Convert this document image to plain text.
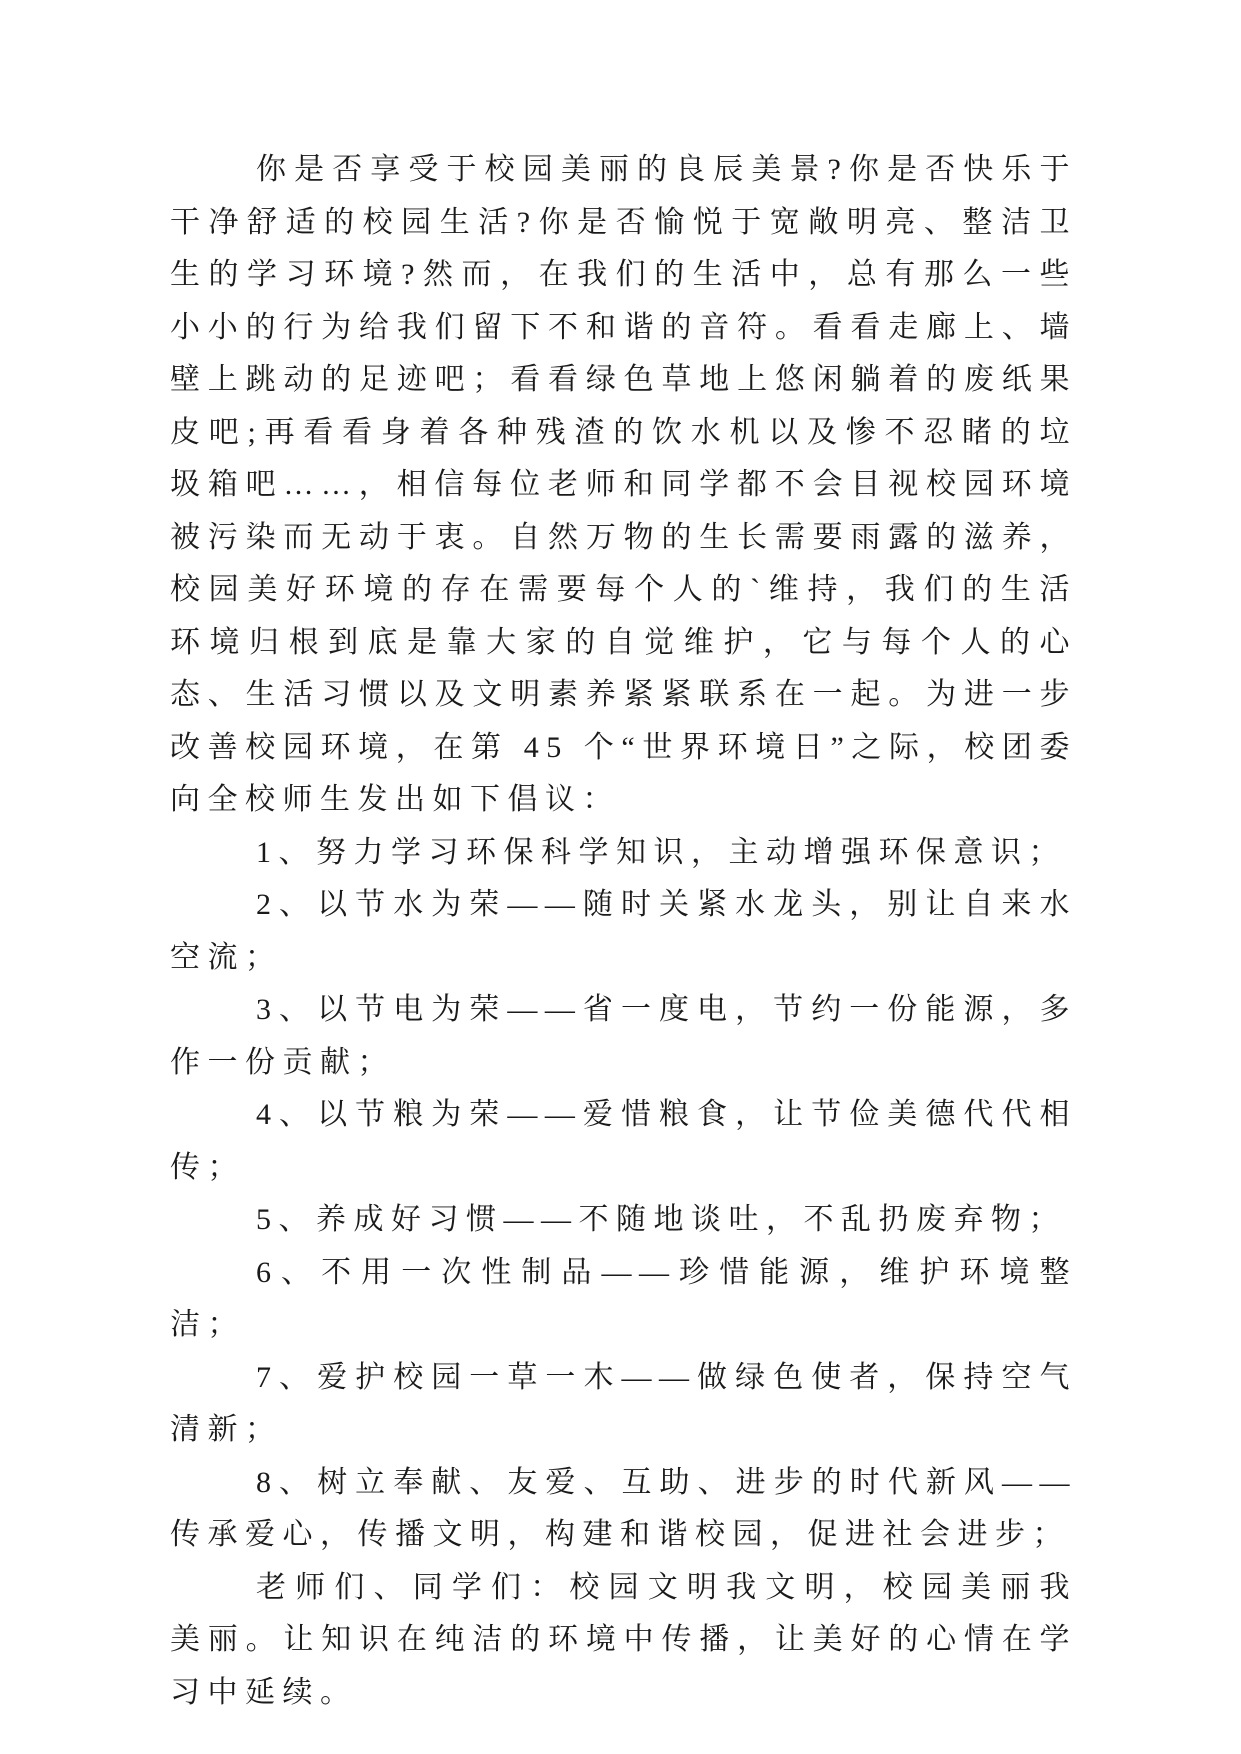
你是否享受于校园美丽的良辰美景?你是否快乐于干净舒适的校园生活?你是否愉悦于宽敞明亮、整洁卫生的学习环境?然而，在我们的生活中，总有那么一些小小的行为给我们留下不和谐的音符。看看走廊上、墙壁上跳动的足迹吧；看看绿色草地上悠闲躺着的废纸果皮吧;再看看身着各种残渣的饮水机以及惨不忍睹的垃圾箱吧……，相信每位老师和同学都不会目视校园环境被污染而无动于衷。自然万物的生长需要雨露的滋养，校园美好环境的存在需要每个人的`维持，我们的生活环境归根到底是靠大家的自觉维护，它与每个人的心态、生活习惯以及文明素养紧紧联系在一起。为进一步改善校园环境，在第 45 个“世界环境日”之际，校团委向全校师生发出如下倡议：

1、努力学习环保科学知识，主动增强环保意识；

2、以节水为荣——随时关紧水龙头，别让自来水空流；

3、以节电为荣——省一度电，节约一份能源，多作一份贡献；

4、以节粮为荣——爱惜粮食，让节俭美德代代相传；

5、养成好习惯——不随地谈吐，不乱扔废弃物；

6、不用一次性制品——珍惜能源，维护环境整洁；

7、爱护校园一草一木——做绿色使者，保持空气清新；

8、树立奉献、友爱、互助、进步的时代新风——传承爱心，传播文明，构建和谐校园，促进社会进步；

老师们、同学们：校园文明我文明，校园美丽我美丽。让知识在纯洁的环境中传播，让美好的心情在学习中延续。
